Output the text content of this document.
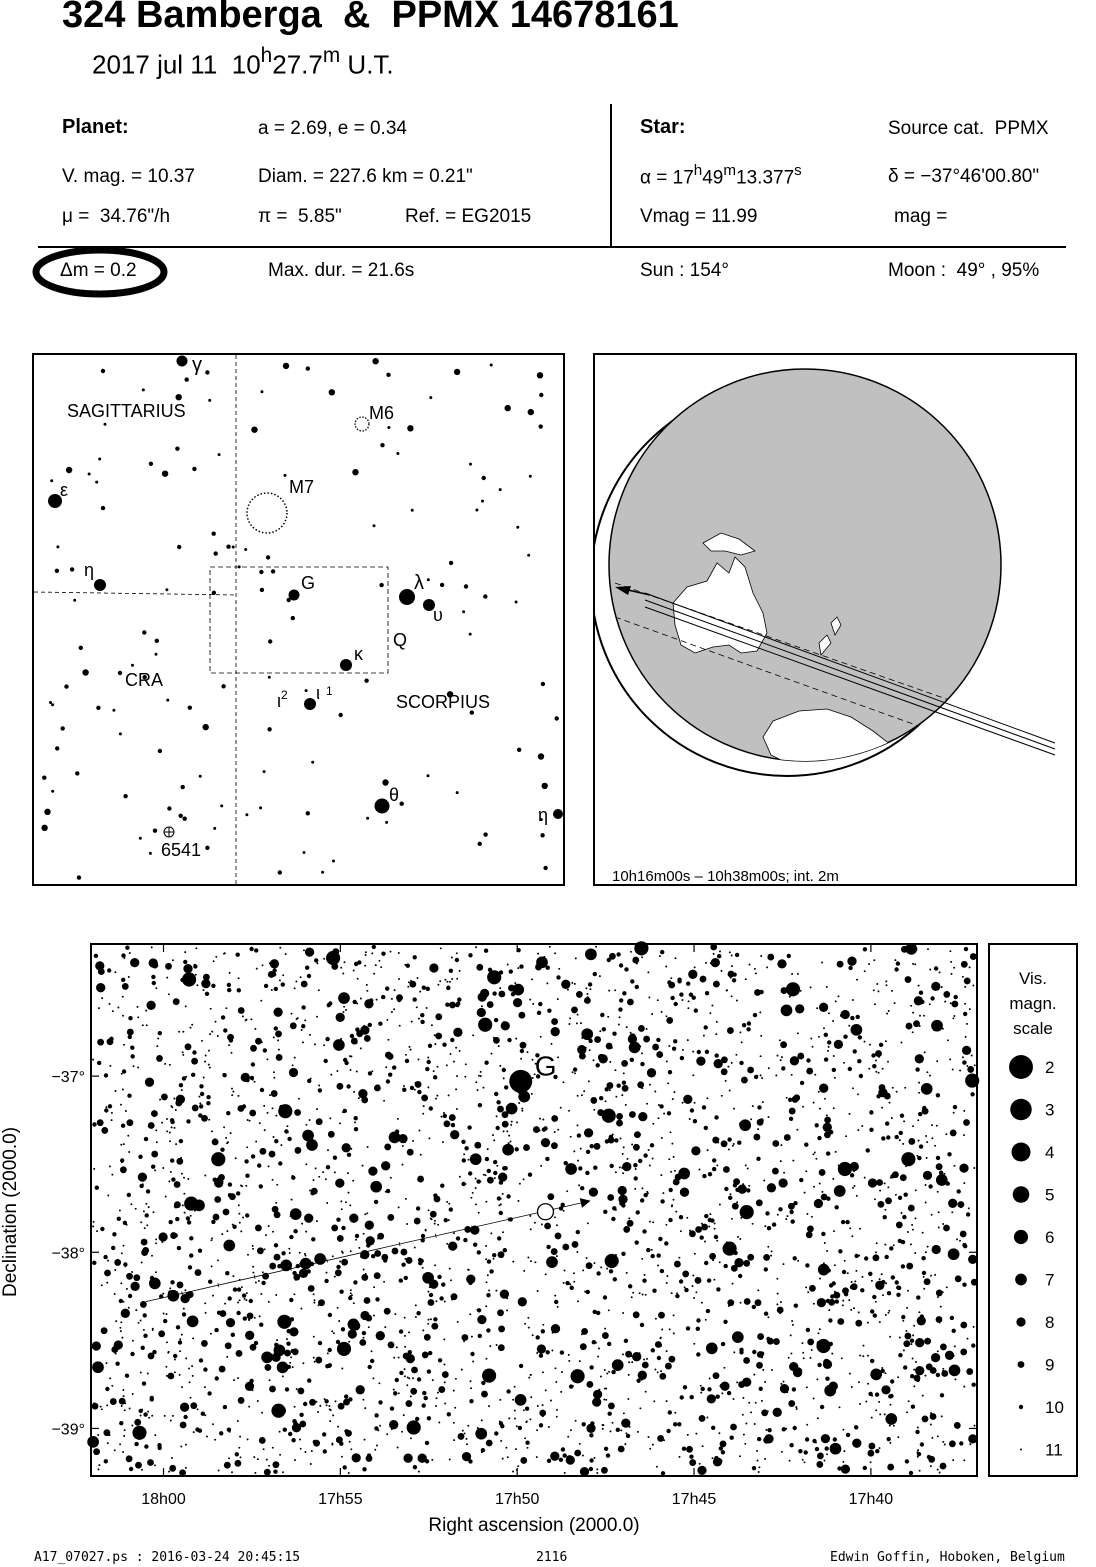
324 Bamberga  &  PPMX 14678161
2017 jul 11  10$^h$27.7$^m$ U.T.
Planet:	a = 2.69, e = 0.34
V. mag. = 10.37	Diam. = 227.6 km = 0.21"
μ =  34.76"/h	π =  5.85"	Ref. = EG2015
Star:	Source cat.  PPMX
$\alpha = 17^h49^m13.377^s$	δ = −37°46'00.80"
Vmag = 11.99	mag =
Δm = 0.2	Max. dur. = 21.6s	Sun : 154°	Moon :  49° , 95%
SAGITTARIUS
SCORPIUS
CRA
M6
M7
G
Q
6541
γ
ε
η
η
λ
υ
κ
θ
$\iota^2$ ι $^1$
10h16m00s – 10h38m00s; int. 2m
18h00	17h55	17h50	17h45	17h40
−37°
−38°
−39°
Right ascension (2000.0)
Declination (2000.0)
G
Vis.
magn.
scale
2
3
4
5
6
7
8
9
10
11
A17_07027.ps : 2016-03-24 20:45:15	2116	Edwin Goffin, Hoboken, Belgium
